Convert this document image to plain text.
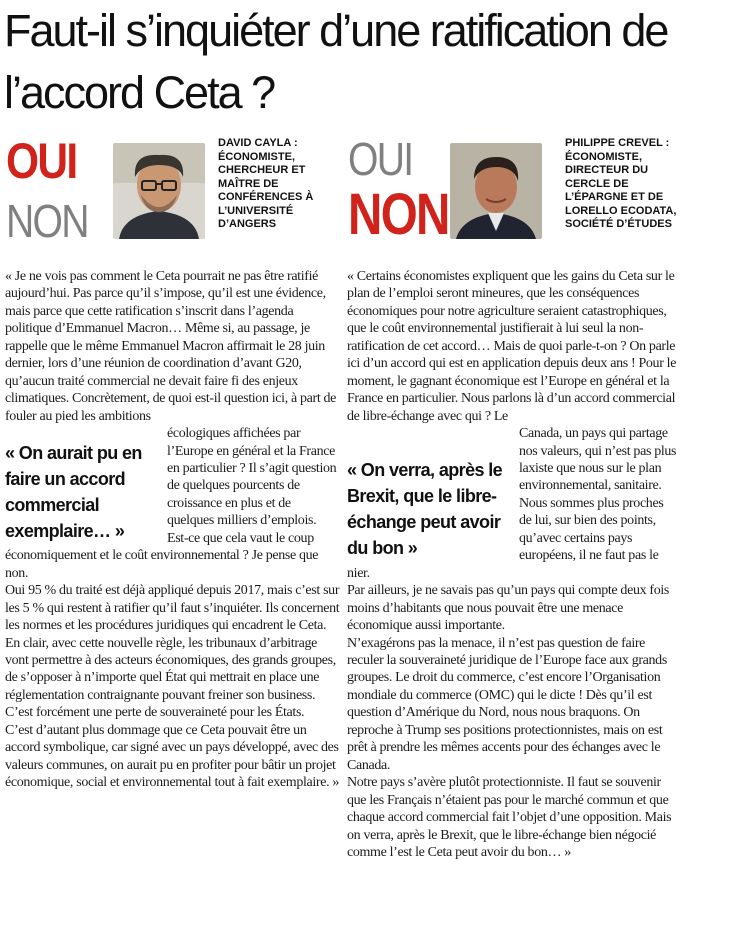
Faut-il s’inquiéter d’une ratification de l’accord Ceta ?
OUI
NON
DAVID CAYLA : ÉCONOMISTE, CHERCHEUR ET MAÎTRE DE CONFÉRENCES À L’UNIVERSITÉ D’ANGERS
OUI
NON
PHILIPPE CREVEL : ÉCONOMISTE, DIRECTEUR DU CERCLE DE L’ÉPARGNE ET DE LORELLO ECODATA, SOCIÉTÉ D’ÉTUDES

« Je ne vois pas comment le Ceta pourrait ne pas être ratifié aujourd’hui. Pas parce qu’il s’impose, qu’il est une évidence, mais parce que cette ratification s’inscrit dans l’agenda politique d’Emmanuel Macron… Même si, au passage, je rappelle que le même Emmanuel Macron affirmait le 28 juin dernier, lors d’une réunion de coordination d’avant G20, qu’aucun traité commercial ne devait faire fi des enjeux climatiques. Concrètement, de quoi est-il question ici, à part de fouler au pied les ambitions

« On aurait pu en faire un accord commercial exemplaire… »

écologiques affichées par l’Europe en général et la France en particulier ? Il s’agit question de quelques pourcents de croissance en plus et de quelques milliers d’emplois. Est-ce que cela vaut le coup économiquement et le coût environnemental ? Je pense que non.

Oui 95 % du traité est déjà appliqué depuis 2017, mais c’est sur les 5 % qui restent à ratifier qu’il faut s’inquiéter. Ils concernent les normes et les procédures juridiques qui encadrent le Ceta.

En clair, avec cette nouvelle règle, les tribunaux d’arbitrage vont permettre à des acteurs économiques, des grands groupes, de s’opposer à n’importe quel État qui mettrait en place une réglementation contraignante pouvant freiner son business. C’est forcément une perte de souveraineté pour les États.

C’est d’autant plus dommage que ce Ceta pouvait être un accord symbolique, car signé avec un pays développé, avec des valeurs communes, on aurait pu en profiter pour bâtir un projet économique, social et environnemental tout à fait exemplaire. »

« Certains économistes expliquent que les gains du Ceta sur le plan de l’emploi seront mineures, que les conséquences économiques pour notre agriculture seraient catastrophiques, que le coût environnemental justifierait à lui seul la non-ratification de cet accord… Mais de quoi parle-t-on ? On parle ici d’un accord qui est en application depuis deux ans ! Pour le moment, le gagnant économique est l’Europe en général et la France en particulier. Nous parlons là d’un accord commercial de libre-échange avec qui ? Le

« On verra, après le Brexit, que le libre-échange peut avoir du bon »

Canada, un pays qui partage nos valeurs, qui n’est pas plus laxiste que nous sur le plan environnemental, sanitaire. Nous sommes plus proches de lui, sur bien des points, qu’avec certains pays européens, il ne faut pas le nier.

Par ailleurs, je ne savais pas qu’un pays qui compte deux fois moins d’habitants que nous pouvait être une menace économique aussi importante.

N’exagérons pas la menace, il n’est pas question de faire reculer la souveraineté juridique de l’Europe face aux grands groupes. Le droit du commerce, c’est encore l’Organisation mondiale du commerce (OMC) qui le dicte ! Dès qu’il est question d’Amérique du Nord, nous nous braquons. On reproche à Trump ses positions protectionnistes, mais on est prêt à prendre les mêmes accents pour des échanges avec le Canada.

Notre pays s’avère plutôt protectionniste. Il faut se souvenir que les Français n’étaient pas pour le marché commun et que chaque accord commercial fait l’objet d’une opposition. Mais on verra, après le Brexit, que le libre-échange bien négocié comme l’est le Ceta peut avoir du bon… »
